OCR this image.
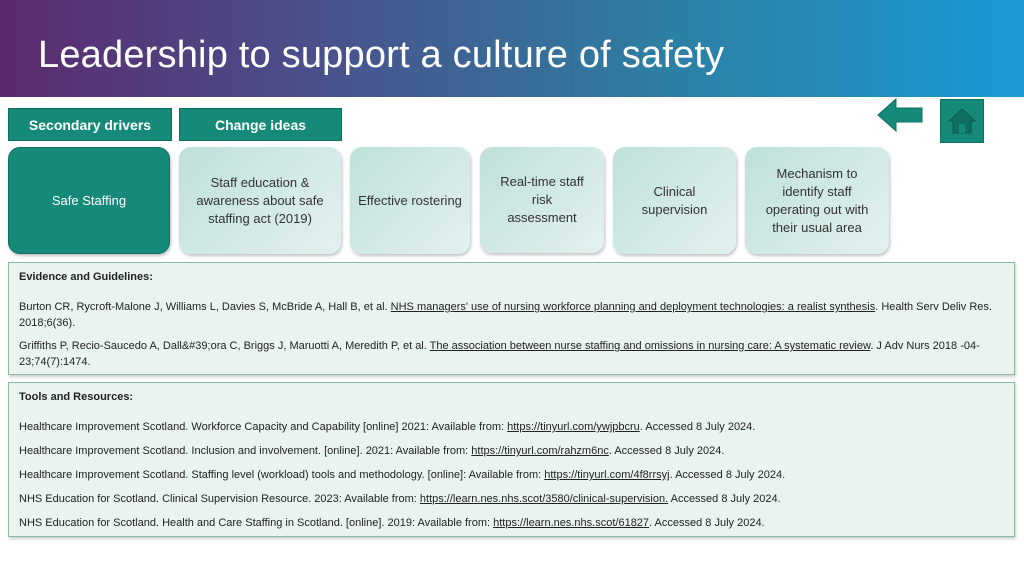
Leadership to support a culture of safety
Secondary drivers	Change ideas
Safe Staffing
Staff education & awareness about safe staffing act (2019)
Effective rostering
Real-time staff risk assessment
Clinical supervision
Mechanism to identify staff operating out with their usual area
Evidence and Guidelines:
Burton CR, Rycroft-Malone J, Williams L, Davies S, McBride A, Hall B, et al. NHS managers' use of nursing workforce planning and deployment technologies: a realist synthesis. Health Serv Deliv Res. 2018;6(36).
Griffiths P, Recio-Saucedo A, Dall&#39;ora C, Briggs J, Maruotti A, Meredith P, et al. The association between nurse staffing and omissions in nursing care: A systematic review. J Adv Nurs 2018 -04-23;74(7):1474.
Tools and Resources:
Healthcare Improvement Scotland. Workforce Capacity and Capability [online] 2021: Available from: https://tinyurl.com/ywjpbcru. Accessed 8 July 2024.
Healthcare Improvement Scotland. Inclusion and involvement. [online]. 2021: Available from: https://tinyurl.com/rahzm6nc. Accessed 8 July 2024.
Healthcare Improvement Scotland. Staffing level (workload) tools and methodology. [online]: Available from: https://tinyurl.com/4f8rrsyj. Accessed 8 July 2024.
NHS Education for Scotland. Clinical Supervision Resource. 2023: Available from: https://learn.nes.nhs.scot/3580/clinical-supervision. Accessed 8 July 2024.
NHS Education for Scotland. Health and Care Staffing in Scotland. [online]. 2019: Available from: https://learn.nes.nhs.scot/61827. Accessed 8 July 2024.
